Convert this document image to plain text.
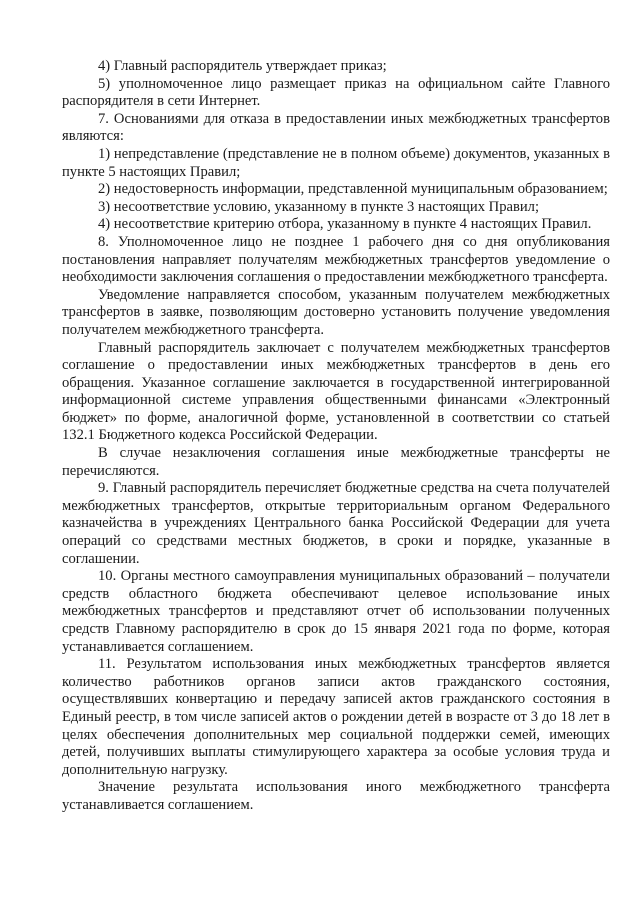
4) Главный распорядитель утверждает приказ;

5) уполномоченное лицо размещает приказ на официальном сайте Главного распорядителя в сети Интернет.

7. Основаниями для отказа в предоставлении иных межбюджетных трансфертов являются:

1) непредставление (представление не в полном объеме) документов, указанных в пункте 5 настоящих Правил;

2) недостоверность информации, представленной муниципальным образованием;

3) несоответствие условию, указанному в пункте 3 настоящих Правил;

4) несоответствие критерию отбора, указанному в пункте 4 настоящих Правил.

8. Уполномоченное лицо не позднее 1 рабочего дня со дня опубликования постановления направляет получателям межбюджетных трансфертов уведомление о необходимости заключения соглашения о предоставлении межбюджетного трансферта.

Уведомление направляется способом, указанным получателем межбюджетных трансфертов в заявке, позволяющим достоверно установить получение уведомления получателем межбюджетного трансферта.

Главный распорядитель заключает с получателем межбюджетных трансфертов соглашение о предоставлении иных межбюджетных трансфертов в день его обращения. Указанное соглашение заключается в государственной интегрированной информационной системе управления общественными финансами «Электронный бюджет» по форме, аналогичной форме, установленной в соответствии со статьей 132.1 Бюджетного кодекса Российской Федерации.

В случае незаключения соглашения иные межбюджетные трансферты не перечисляются.

9. Главный распорядитель перечисляет бюджетные средства на счета получателей межбюджетных трансфертов, открытые территориальным органом Федерального казначейства в учреждениях Центрального банка Российской Федерации для учета операций со средствами местных бюджетов, в сроки и порядке, указанные в соглашении.

10. Органы местного самоуправления муниципальных образований – получатели средств областного бюджета обеспечивают целевое использование иных межбюджетных трансфертов и представляют отчет об использовании полученных средств Главному распорядителю в срок до 15 января 2021 года по форме, которая устанавливается соглашением.

11. Результатом использования иных межбюджетных трансфертов является количество работников органов записи актов гражданского состояния, осуществлявших конвертацию и передачу записей актов гражданского состояния в Единый реестр, в том числе записей актов о рождении детей в возрасте от 3 до 18 лет в целях обеспечения дополнительных мер социальной поддержки семей, имеющих детей, получивших выплаты стимулирующего характера за особые условия труда и дополнительную нагрузку.

Значение результата использования иного межбюджетного трансферта устанавливается соглашением.
